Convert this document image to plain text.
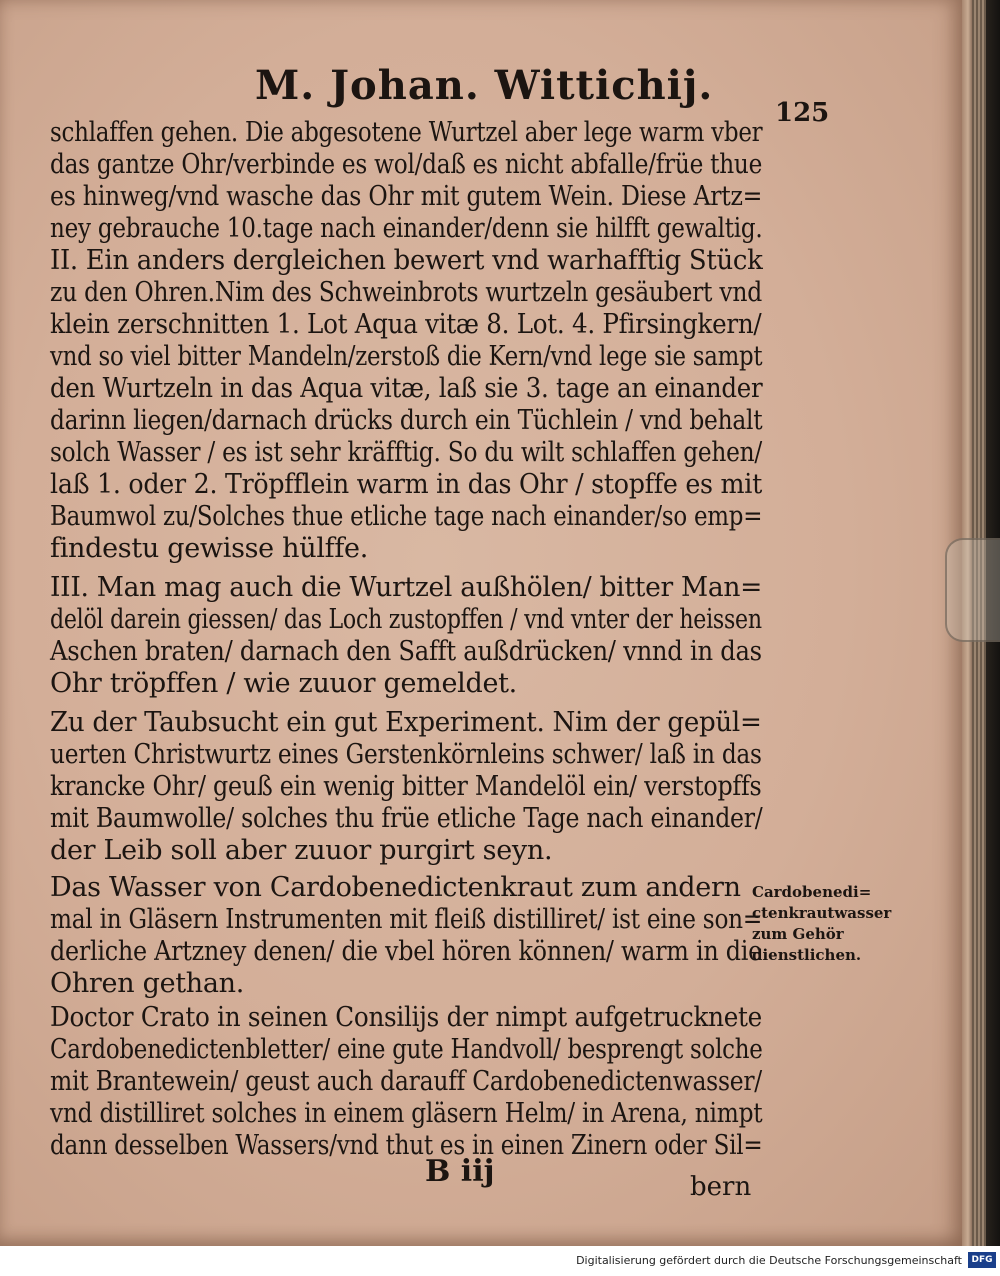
M. Johan. Wittichij.
125
schlaffen gehen. Die abgesotene Wurtzel aber lege warm vber
das gantze Ohr/verbinde es wol/daß es nicht abfalle/früe thue
es hinweg/vnd wasche das Ohr mit gutem Wein. Diese Artz=
ney gebrauche 10.tage nach einander/denn sie hilfft gewaltig.
II. Ein anders dergleichen bewert vnd warhafftig Stück
zu den Ohren.Nim des Schweinbrots wurtzeln gesäubert vnd
klein zerschnitten 1. Lot Aqua vitæ 8. Lot. 4. Pfirsingkern/
vnd so viel bitter Mandeln/zerstoß die Kern/vnd lege sie sampt
den Wurtzeln in das Aqua vitæ, laß sie 3. tage an einander
darinn liegen/darnach drücks durch ein Tüchlein / vnd behalt
solch Wasser / es ist sehr kräfftig. So du wilt schlaffen gehen/
laß 1. oder 2. Tröpfflein warm in das Ohr / stopffe es mit
Baumwol zu/Solches thue etliche tage nach einander/so emp=
findestu gewisse hülffe.
III. Man mag auch die Wurtzel außhölen/ bitter Man=
delöl darein giessen/ das Loch zustopffen / vnd vnter der heissen
Aschen braten/ darnach den Safft außdrücken/ vnnd in das
Ohr tröpffen / wie zuuor gemeldet.
Zu der Taubsucht ein gut Experiment. Nim der gepül=
uerten Christwurtz eines Gerstenkörnleins schwer/ laß in das
krancke Ohr/ geuß ein wenig bitter Mandelöl ein/ verstopffs
mit Baumwolle/ solches thu früe etliche Tage nach einander/
der Leib soll aber zuuor purgirt seyn.
Das Wasser von Cardobenedictenkraut zum andern
mal in Gläsern Instrumenten mit fleiß distilliret/ ist eine son=
derliche Artzney denen/ die vbel hören können/ warm in die
Ohren gethan.
Doctor Crato in seinen Consilijs der nimpt aufgetrucknete
Cardobenedictenbletter/ eine gute Handvoll/ besprengt solche
mit Brantewein/ geust auch darauff Cardobenedictenwasser/
vnd distilliret solches in einem gläsern Helm/ in Arena, nimpt
dann desselben Wassers/vnd thut es in einen Zinern oder Sil=
Cardobenedi=
ctenkrautwasser
zum Gehör
dienstlichen.
B iij	bern
Digitalisierung gefördert durch die Deutsche Forschungsgemeinschaft	DFG
